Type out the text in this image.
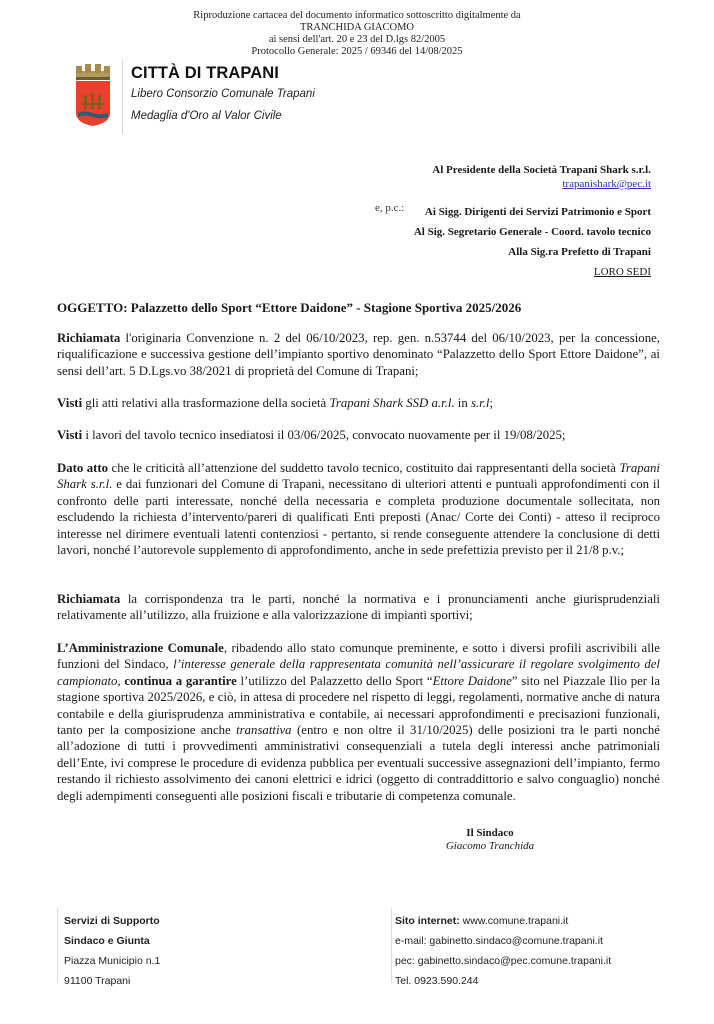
Riproduzione cartacea del documento informatico sottoscritto digitalmente da
TRANCHIDA GIACOMO
ai sensi dell'art. 20 e 23 del D.lgs 82/2005
Protocollo Generale: 2025 / 69346 del 14/08/2025
CITTÀ DI TRAPANI
Libero Consorzio Comunale Trapani
Medaglia d'Oro al Valor Civile
Al Presidente della Società Trapani Shark s.r.l.
trapanishark@pec.it
e, p.c.:	Ai Sigg. Dirigenti dei Servizi Patrimonio e Sport
Al Sig. Segretario Generale - Coord. tavolo tecnico
Alla Sig.ra Prefetto di Trapani
LORO SEDI
OGGETTO: Palazzetto dello Sport “Ettore Daidone” - Stagione Sportiva 2025/2026

Richiamata l'originaria Convenzione n. 2 del 06/10/2023, rep. gen. n.53744 del 06/10/2023, per la concessione, riqualificazione e successiva gestione dell’impianto sportivo denominato “Palazzetto dello Sport Ettore Daidone”, ai sensi dell’art. 5 D.Lgs.vo 38/2021 di proprietà del Comune di Trapani;

Visti gli atti relativi alla trasformazione della società Trapani Shark SSD a.r.l. in s.r.l;

Visti i lavori del tavolo tecnico insediatosi il 03/06/2025, convocato nuovamente per il 19/08/2025;

Dato atto che le criticità all’attenzione del suddetto tavolo tecnico, costituito dai rappresentanti della società Trapani Shark s.r.l. e dai funzionari del Comune di Trapani, necessitano di ulteriori attenti e puntuali approfondimenti con il confronto delle parti interessate, nonché della necessaria e completa produzione documentale sollecitata, non escludendo la richiesta d’intervento/pareri di qualificati Enti preposti (Anac/ Corte dei Conti) - atteso il reciproco interesse nel dirimere eventuali latenti contenziosi - pertanto, si rende conseguente attendere la conclusione di detti lavori, nonché l’autorevole supplemento di approfondimento, anche in sede prefettizia previsto per il 21/8 p.v.;

Richiamata la corrispondenza tra le parti, nonché la normativa e i pronunciamenti anche giurisprudenziali relativamente all’utilizzo, alla fruizione e alla valorizzazione di impianti sportivi;

L’Amministrazione Comunale, ribadendo allo stato comunque preminente, e sotto i diversi profili ascrivibili alle funzioni del Sindaco, l’interesse generale della rappresentata comunità nell’assicurare il regolare svolgimento del campionato, continua a garantire l’utilizzo del Palazzetto dello Sport “Ettore Daidone” sito nel Piazzale Ilio per la stagione sportiva 2025/2026, e ciò, in attesa di procedere nel rispetto di leggi, regolamenti, normative anche di natura contabile e della giurisprudenza amministrativa e contabile, ai necessari approfondimenti e precisazioni funzionali, tanto per la composizione anche transattiva (entro e non oltre il 31/10/2025) delle posizioni tra le parti nonché all’adozione di tutti i provvedimenti amministrativi consequenziali a tutela degli interessi anche patrimoniali dell’Ente, ivi comprese le procedure di evidenza pubblica per eventuali successive assegnazioni dell’impianto, fermo restando il richiesto assolvimento dei canoni elettrici e idrici (oggetto di contraddittorio e salvo conguaglio) nonché degli adempimenti conseguenti alle posizioni fiscali e tributarie di competenza comunale.

Il Sindaco
Giacomo Tranchida
Servizi di Supporto
Sindaco e Giunta
Piazza Municipio n.1
91100 Trapani
Sito internet: www.comune.trapani.it
e-mail: gabinetto.sindaco@comune.trapani.it
pec: gabinetto.sindaco@pec.comune.trapani.it
Tel. 0923.590.244
